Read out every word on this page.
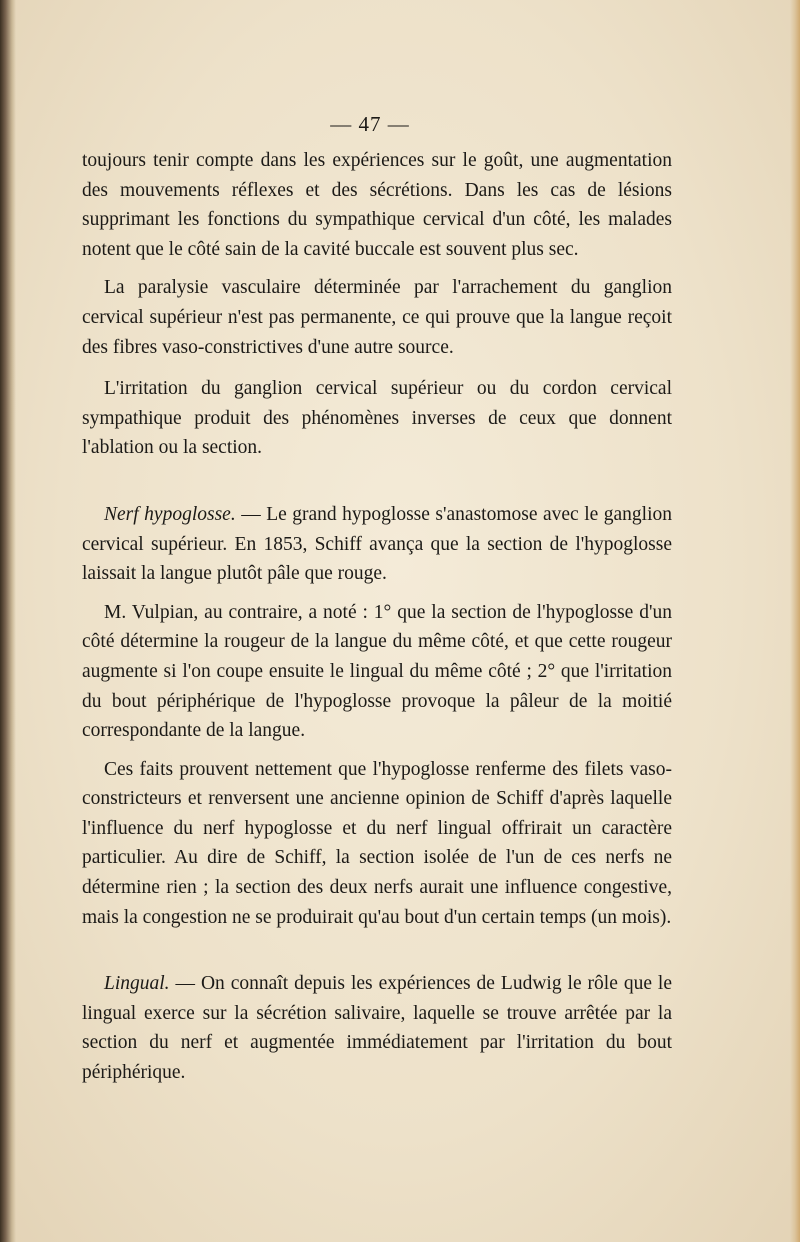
— 47 —

toujours tenir compte dans les expériences sur le goût, une augmentation des mouvements réflexes et des sécrétions. Dans les cas de lésions supprimant les fonctions du sympathique cervical d'un côté, les malades notent que le côté sain de la cavité buccale est souvent plus sec.

La paralysie vasculaire déterminée par l'arrachement du ganglion cervical supérieur n'est pas permanente, ce qui prouve que la langue reçoit des fibres vaso-constrictives d'une autre source.

L'irritation du ganglion cervical supérieur ou du cordon cervical sympathique produit des phénomènes inverses de ceux que donnent l'ablation ou la section.

Nerf hypoglosse. — Le grand hypoglosse s'anastomose avec le ganglion cervical supérieur. En 1853, Schiff avança que la section de l'hypoglosse laissait la langue plutôt pâle que rouge.

M. Vulpian, au contraire, a noté : 1° que la section de l'hypoglosse d'un côté détermine la rougeur de la langue du même côté, et que cette rougeur augmente si l'on coupe ensuite le lingual du même côté ; 2° que l'irritation du bout périphérique de l'hypoglosse provoque la pâleur de la moitié correspondante de la langue.

Ces faits prouvent nettement que l'hypoglosse renferme des filets vaso-constricteurs et renversent une ancienne opinion de Schiff d'après laquelle l'influence du nerf hypoglosse et du nerf lingual offrirait un caractère particulier. Au dire de Schiff, la section isolée de l'un de ces nerfs ne détermine rien ; la section des deux nerfs aurait une influence congestive, mais la congestion ne se produirait qu'au bout d'un certain temps (un mois).

Lingual. — On connaît depuis les expériences de Ludwig le rôle que le lingual exerce sur la sécrétion salivaire, laquelle se trouve arrêtée par la section du nerf et augmentée immédiatement par l'irritation du bout périphérique.
